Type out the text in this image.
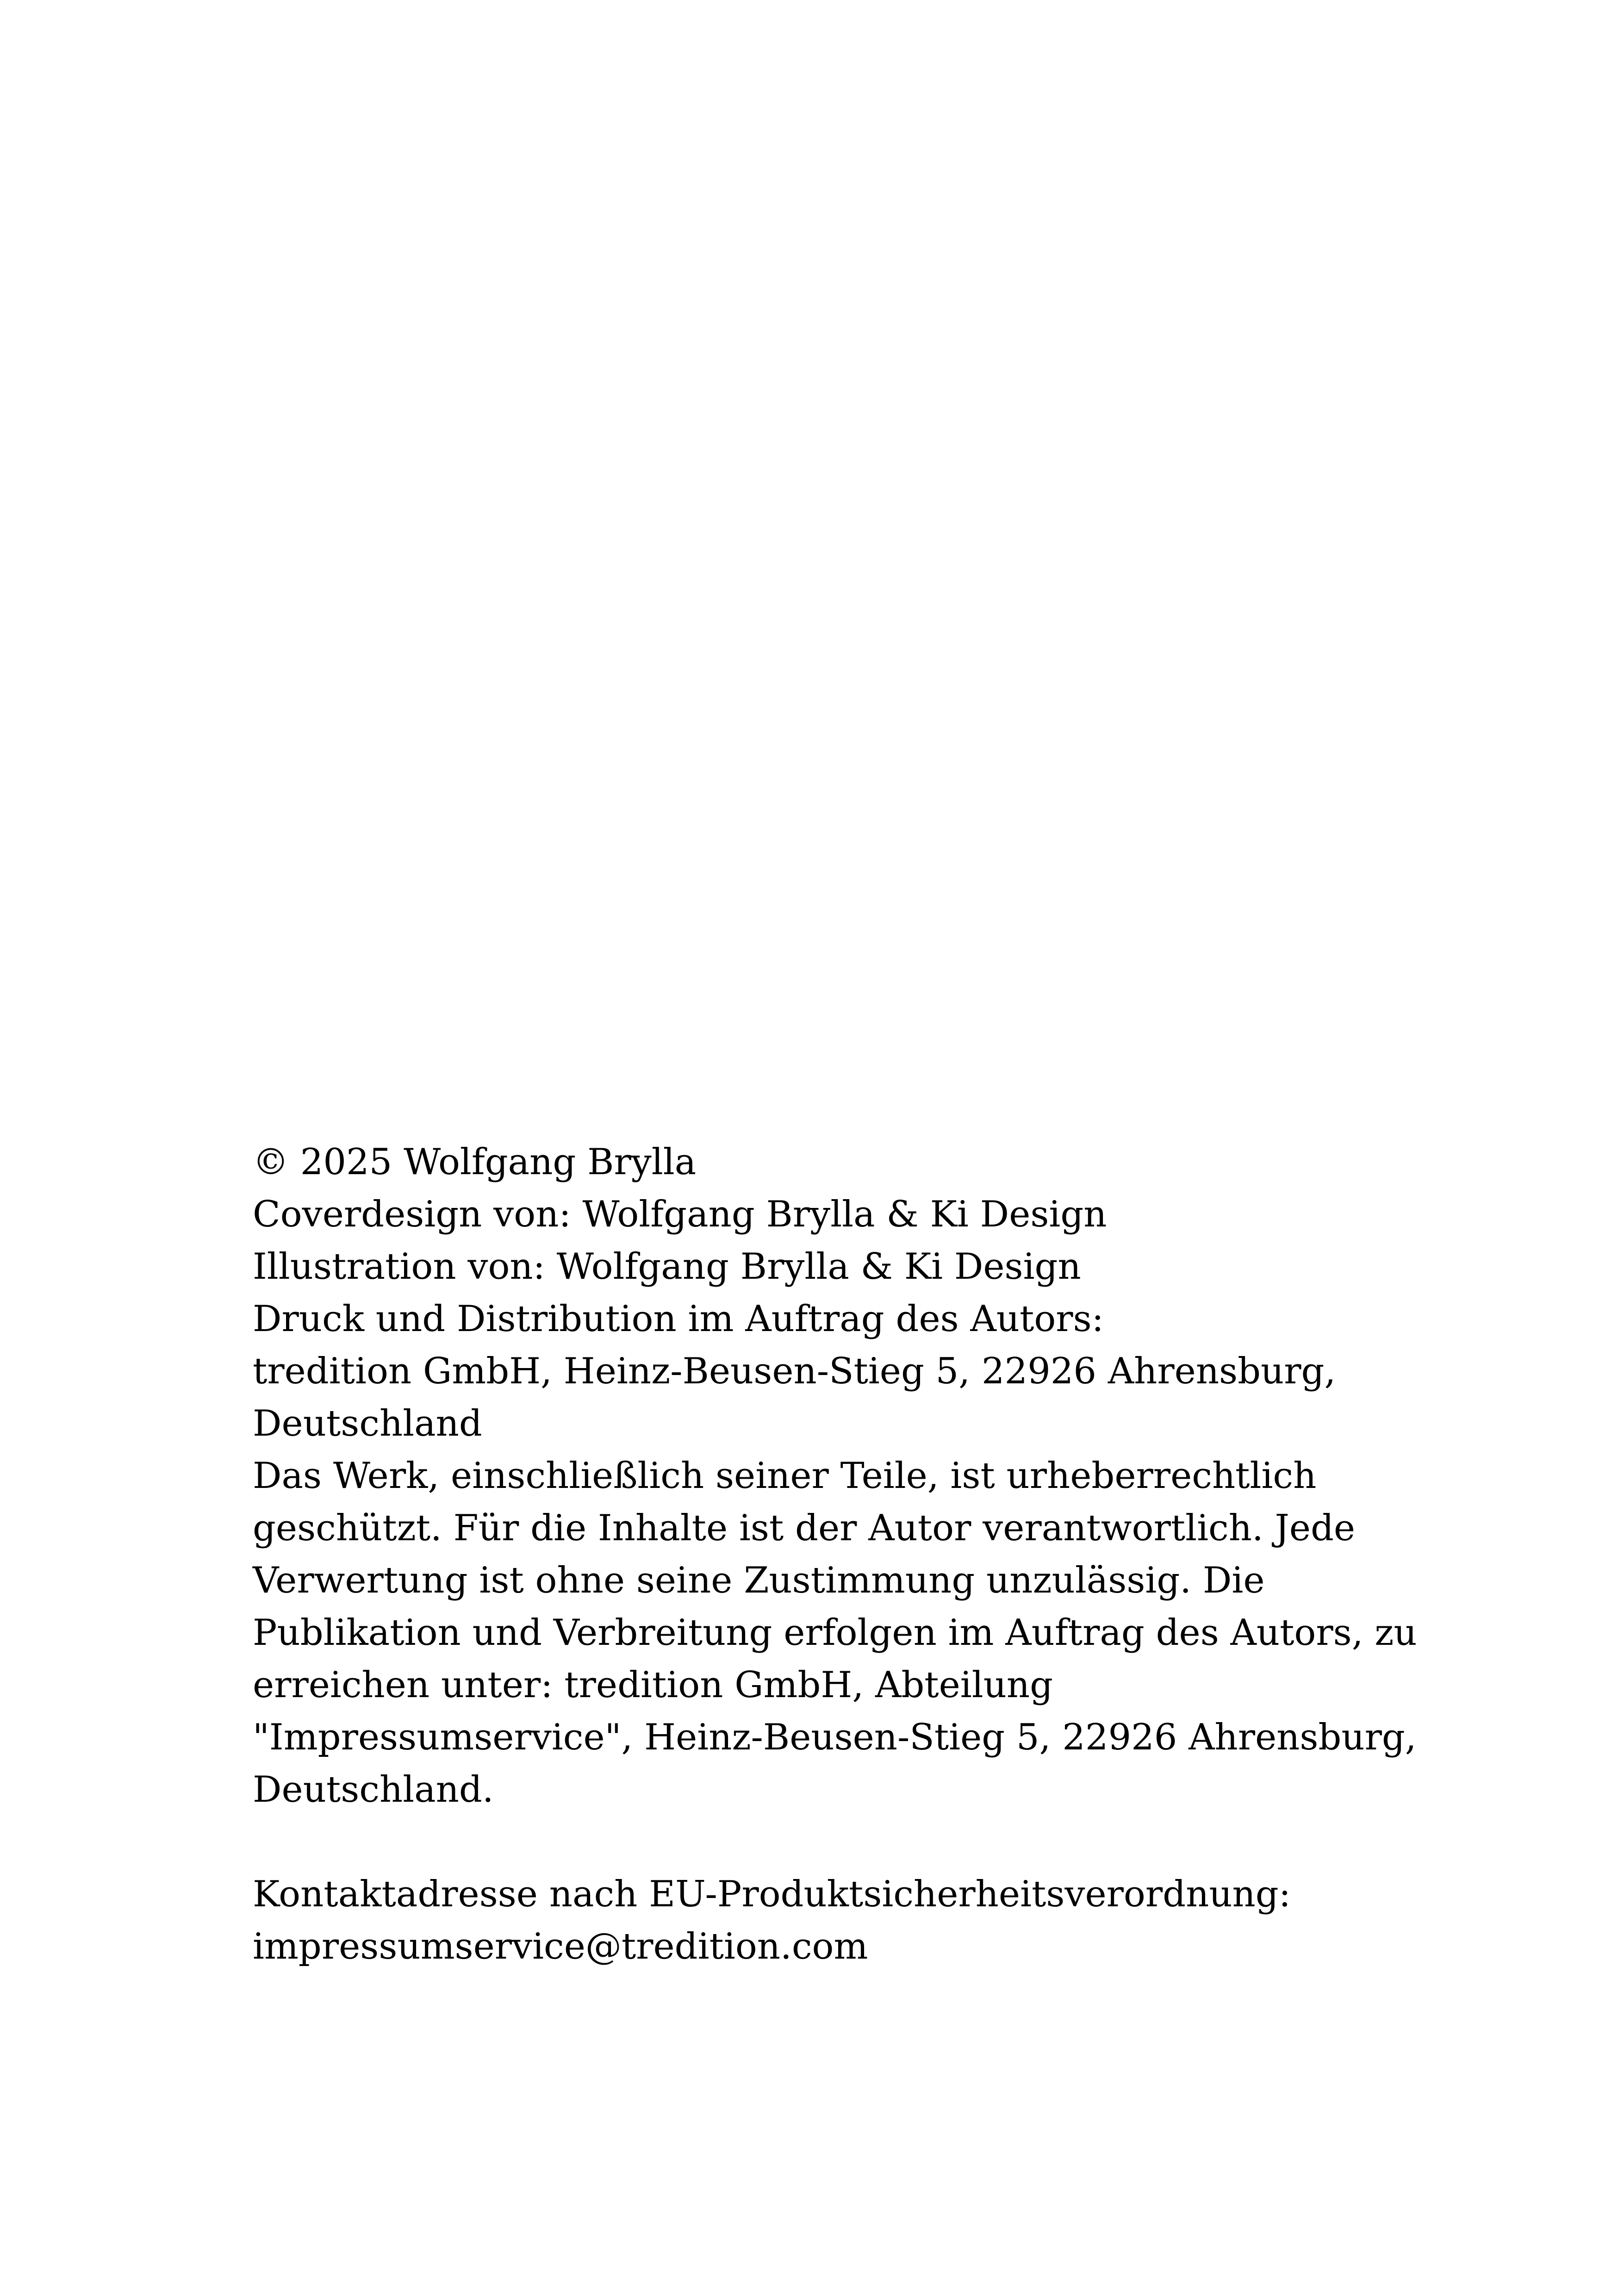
© 2025 Wolfgang Brylla
Coverdesign von: Wolfgang Brylla & Ki Design
Illustration von: Wolfgang Brylla & Ki Design
Druck und Distribution im Auftrag des Autors:
tredition GmbH, Heinz-Beusen-Stieg 5, 22926 Ahrensburg,
Deutschland
Das Werk, einschließlich seiner Teile, ist urheberrechtlich
geschützt. Für die Inhalte ist der Autor verantwortlich. Jede
Verwertung ist ohne seine Zustimmung unzulässig. Die
Publikation und Verbreitung erfolgen im Auftrag des Autors, zu
erreichen unter: tredition GmbH, Abteilung
"Impressumservice", Heinz-Beusen-Stieg 5, 22926 Ahrensburg,
Deutschland.
Kontaktadresse nach EU-Produktsicherheitsverordnung:
impressumservice@tredition.com
